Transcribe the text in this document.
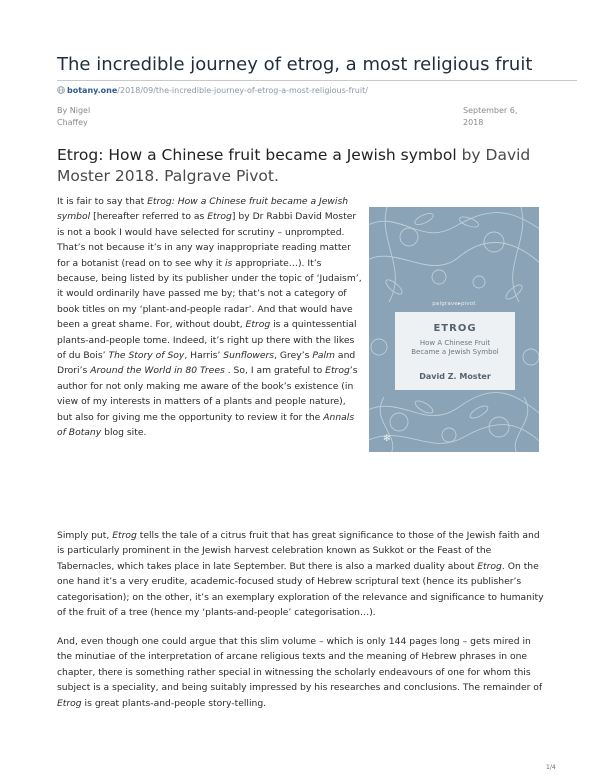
The incredible journey of etrog, a most religious fruit
botany.one/2018/09/the-incredible-journey-of-etrog-a-most-religious-fruit/
By Nigel Chaffey
September 6, 2018
Etrog: How a Chinese fruit became a Jewish symbol by David Moster 2018. Palgrave Pivot.
It is fair to say that Etrog: How a Chinese fruit became a Jewish symbol [hereafter referred to as Etrog] by Dr Rabbi David Moster is not a book I would have selected for scrutiny – unprompted. That’s not because it’s in any way inappropriate reading matter for a botanist (read on to see why it is appropriate…). It’s because, being listed by its publisher under the topic of ‘Judaism’, it would ordinarily have passed me by; that’s not a category of book titles on my ‘plant-and-people radar’. And that would have been a great shame. For, without doubt, Etrog is a quintessential plants-and-people tome. Indeed, it’s right up there with the likes of du Bois’ The Story of Soy, Harris’ Sunflowers, Grey’s Palm and Drori’s Around the World in 80 Trees . So, I am grateful to Etrog’s author for not only making me aware of the book’s existence (in view of my interests in matters of a plants and people nature), but also for giving me the opportunity to review it for the Annals of Botany blog site.
palgrave▸pivot
ETROG
How A Chinese Fruit Became a Jewish Symbol
David Z. Moster
✻
Simply put, Etrog tells the tale of a citrus fruit that has great significance to those of the Jewish faith and is particularly prominent in the Jewish harvest celebration known as Sukkot or the Feast of the Tabernacles, which takes place in late September. But there is also a marked duality about Etrog. On the one hand it’s a very erudite, academic-focused study of Hebrew scriptural text (hence its publisher’s categorisation); on the other, it’s an exemplary exploration of the relevance and significance to humanity of the fruit of a tree (hence my ‘plants-and-people’ categorisation…).
And, even though one could argue that this slim volume – which is only 144 pages long – gets mired in the minutiae of the interpretation of arcane religious texts and the meaning of Hebrew phrases in one chapter, there is something rather special in witnessing the scholarly endeavours of one for whom this subject is a speciality, and being suitably impressed by his researches and conclusions. The remainder of Etrog is great plants-and-people story-telling.
1/4
